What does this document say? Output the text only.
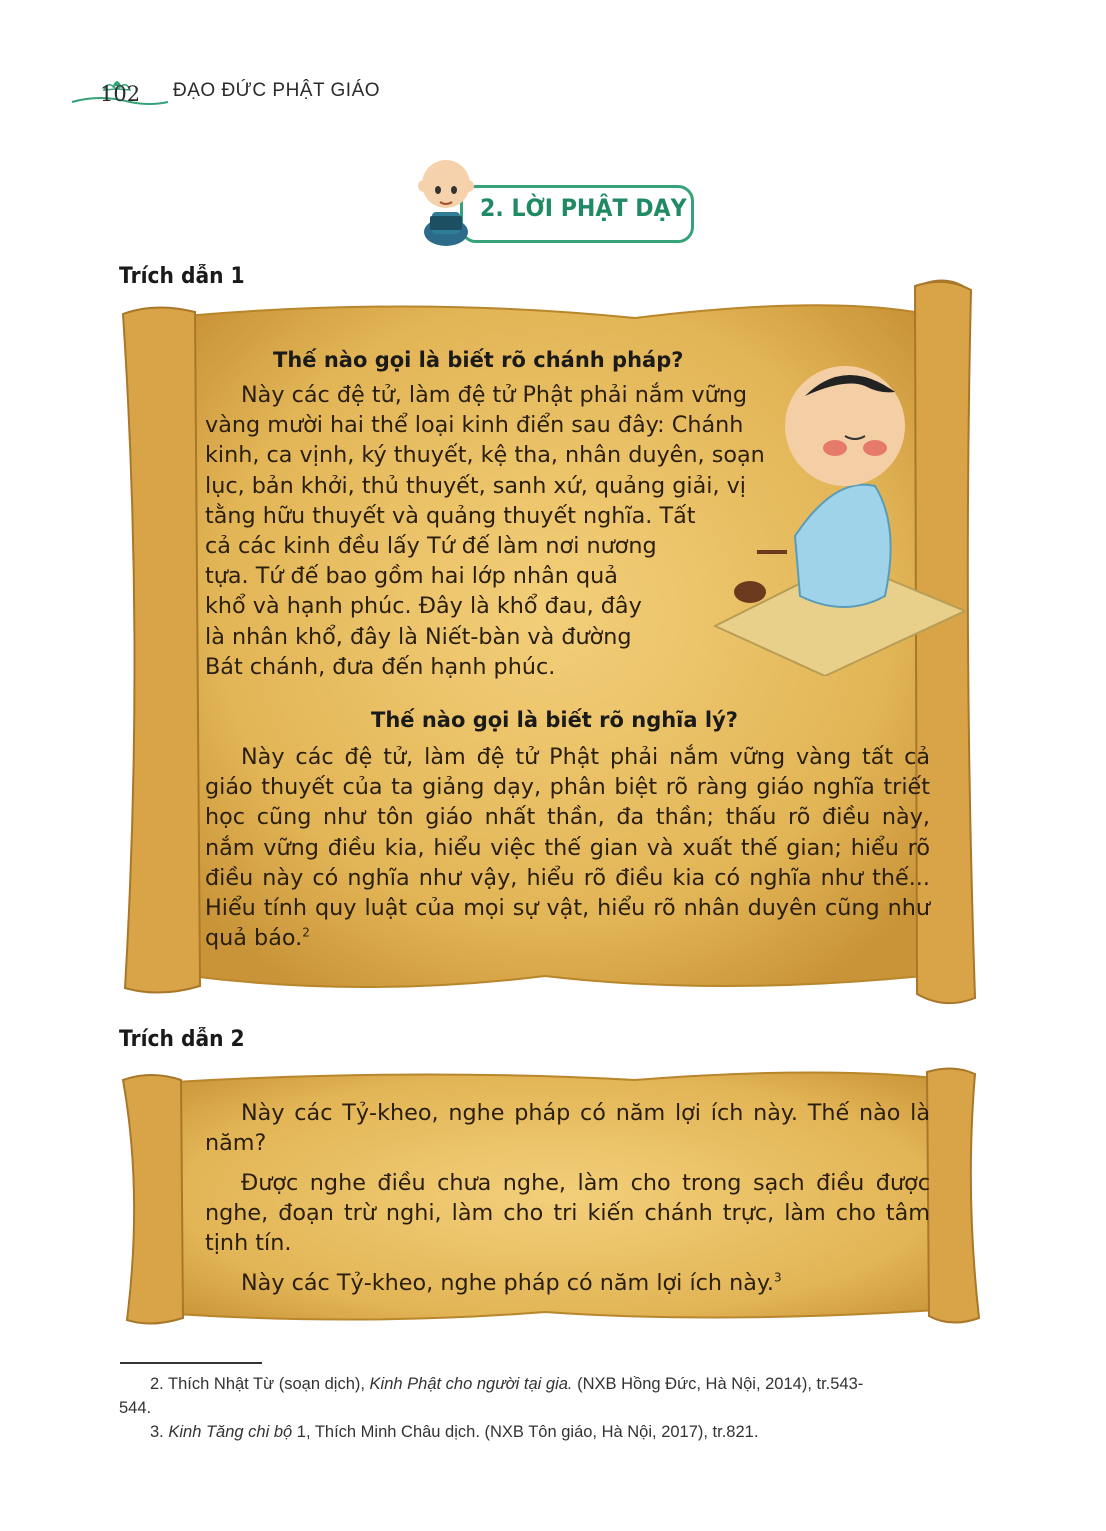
102 ĐẠO ĐỨC PHẬT GIÁO
2. LỜI PHẬT DẠY
Trích dẫn 1
Thế nào gọi là biết rõ chánh pháp?
Này các đệ tử, làm đệ tử Phật phải nắm vững
vàng mười hai thể loại kinh điển sau đây: Chánh
kinh, ca vịnh, ký thuyết, kệ tha, nhân duyên, soạn
lục, bản khởi, thủ thuyết, sanh xứ, quảng giải, vị
tằng hữu thuyết và quảng thuyết nghĩa. Tất
cả các kinh đều lấy Tứ đế làm nơi nương
tựa. Tứ đế bao gồm hai lớp nhân quả
khổ và hạnh phúc. Đây là khổ đau, đây
là nhân khổ, đây là Niết-bàn và đường
Bát chánh, đưa đến hạnh phúc.
Thế nào gọi là biết rõ nghĩa lý?
Này các đệ tử, làm đệ tử Phật phải nắm vững vàng tất cả giáo thuyết của ta giảng dạy, phân biệt rõ ràng giáo nghĩa triết học cũng như tôn giáo nhất thần, đa thần; thấu rõ điều này, nắm vững điều kia, hiểu việc thế gian và xuất thế gian; hiểu rõ điều này có nghĩa như vậy, hiểu rõ điều kia có nghĩa như thế... Hiểu tính quy luật của mọi sự vật, hiểu rõ nhân duyên cũng như quả báo.$^2$
Trích dẫn 2
Này các Tỷ-kheo, nghe pháp có năm lợi ích này. Thế nào là năm?
Được nghe điều chưa nghe, làm cho trong sạch điều được nghe, đoạn trừ nghi, làm cho tri kiến chánh trực, làm cho tâm tịnh tín.
Này các Tỷ-kheo, nghe pháp có năm lợi ích này.$^3$
2. Thích Nhật Từ (soạn dịch), Kinh Phật cho người tại gia. (NXB Hồng Đức, Hà Nội, 2014), tr.543-
544.
3. Kinh Tăng chi bộ 1, Thích Minh Châu dịch. (NXB Tôn giáo, Hà Nội, 2017), tr.821.
